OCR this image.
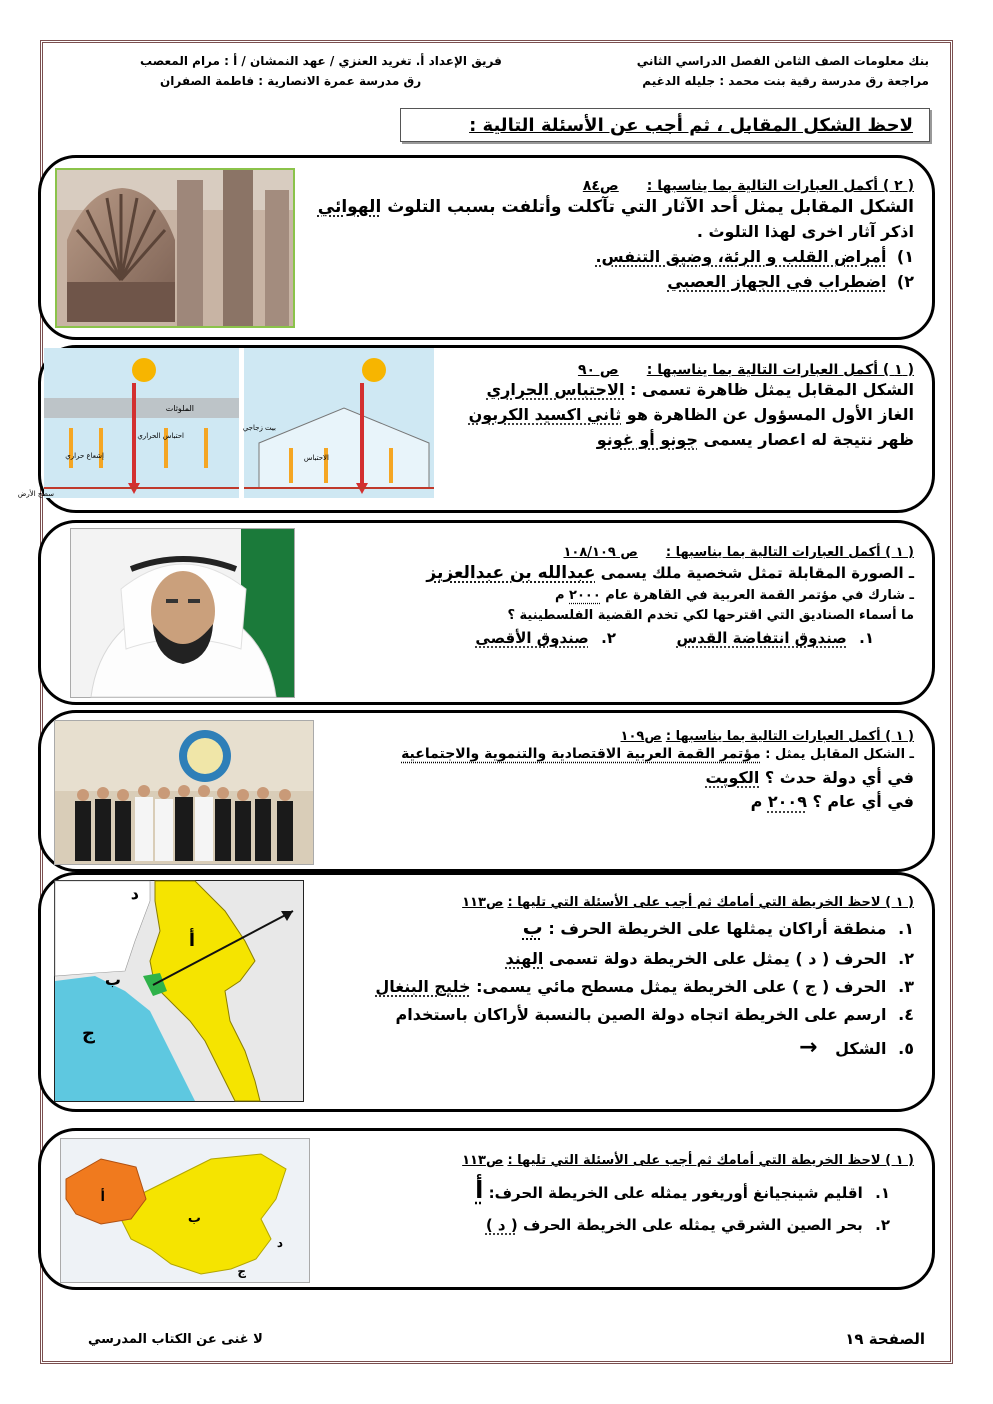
بنك معلومات الصف الثامن الفصل الدراسي الثاني
مراجعة رق مدرسة رقية بنت محمد : جليله الدغيم
فريق الإعداد أ. تغريد العنزي / عهد النمشان / أ : مرام المعصب
رق مدرسة عمرة الانصارية : فاطمة الصفران
لاحظ الشكل المقابل ، ثم أجب عن الأسئلة التالية :
( ٢ ) أكمل العبارات التالية بما يناسبها :ص٨٤
الشكل المقابل يمثل أحد الآثار التي تآكلت وأتلفت بسبب التلوث الهوائي
اذكر آثار اخرى لهذا التلوث .
١) أمراض القلب و الرئة، وضيق التنفس.
٢) اضطراب في الجهاز العصبي
( ١ ) أكمل العبارات التالية بما يناسبها :ص ٩٠
الشكل المقابل يمثل ظاهرة تسمى : الاحتباس الحراري
الغاز الأول المسؤول عن الظاهرة هو ثاني اكسيد الكربون
ظهر نتيجة له اعصار يسمى جونو أو غونو
الملوثات
احتباس الحراري
إشعاع حراري
سطح الأرض
بيت زجاجي
الاحتباس
( ١ ) أكمل العبارات التالية بما يناسبها :ص ١٠٨/١٠٩
ـ الصورة المقابلة تمثل شخصية ملك يسمى عبدالله بن عبدالعزيز
ـ شارك في مؤتمر القمة العربية في القاهرة عام ٢٠٠٠ م
ما أسماء الصناديق التي اقترحها لكي تخدم القضية الفلسطينية ؟
١. صندوق انتفاضة القدس  ٢. صندوق الأقصى
( ١ ) أكمل العبارات التالية بما يناسبها :ص١٠٩
ـ الشكل المقابل يمثل : مؤتمر القمة العربية الاقتصادية والتنموية والاجتماعية
في أي دولة حدث ؟ الكويت
في أي عام ؟ ٢٠٠٩ م
( ١ ) لاحظ الخريطة التي أمامك ثم أجب على الأسئلة التي تليها :ص١١٣
١. منطقة أراكان يمثلها على الخريطة الحرف : ب
٢. الحرف ( د ) يمثل على الخريطة دولة تسمى الهند
٣. الحرف ( ج ) على الخريطة يمثل مسطح مائي يسمى: خليج البنغال
٤. ارسم على الخريطة اتجاه دولة الصين بالنسبة لأراكان باستخدام
٥. الشكل →
أ
ب
ج
د
( ١ ) لاحظ الخريطة التي أمامك ثم أجب على الأسئلة التي تليها :ص١١٣
١. اقليم شينجيانغ أوريغور يمثله على الخريطة الحرف: أ
٢. بحر الصين الشرقي يمثله على الخريطة الحرف ( د )
أ
ب
د
ج
الصفحة ١٩
لا غنى عن الكتاب المدرسي
